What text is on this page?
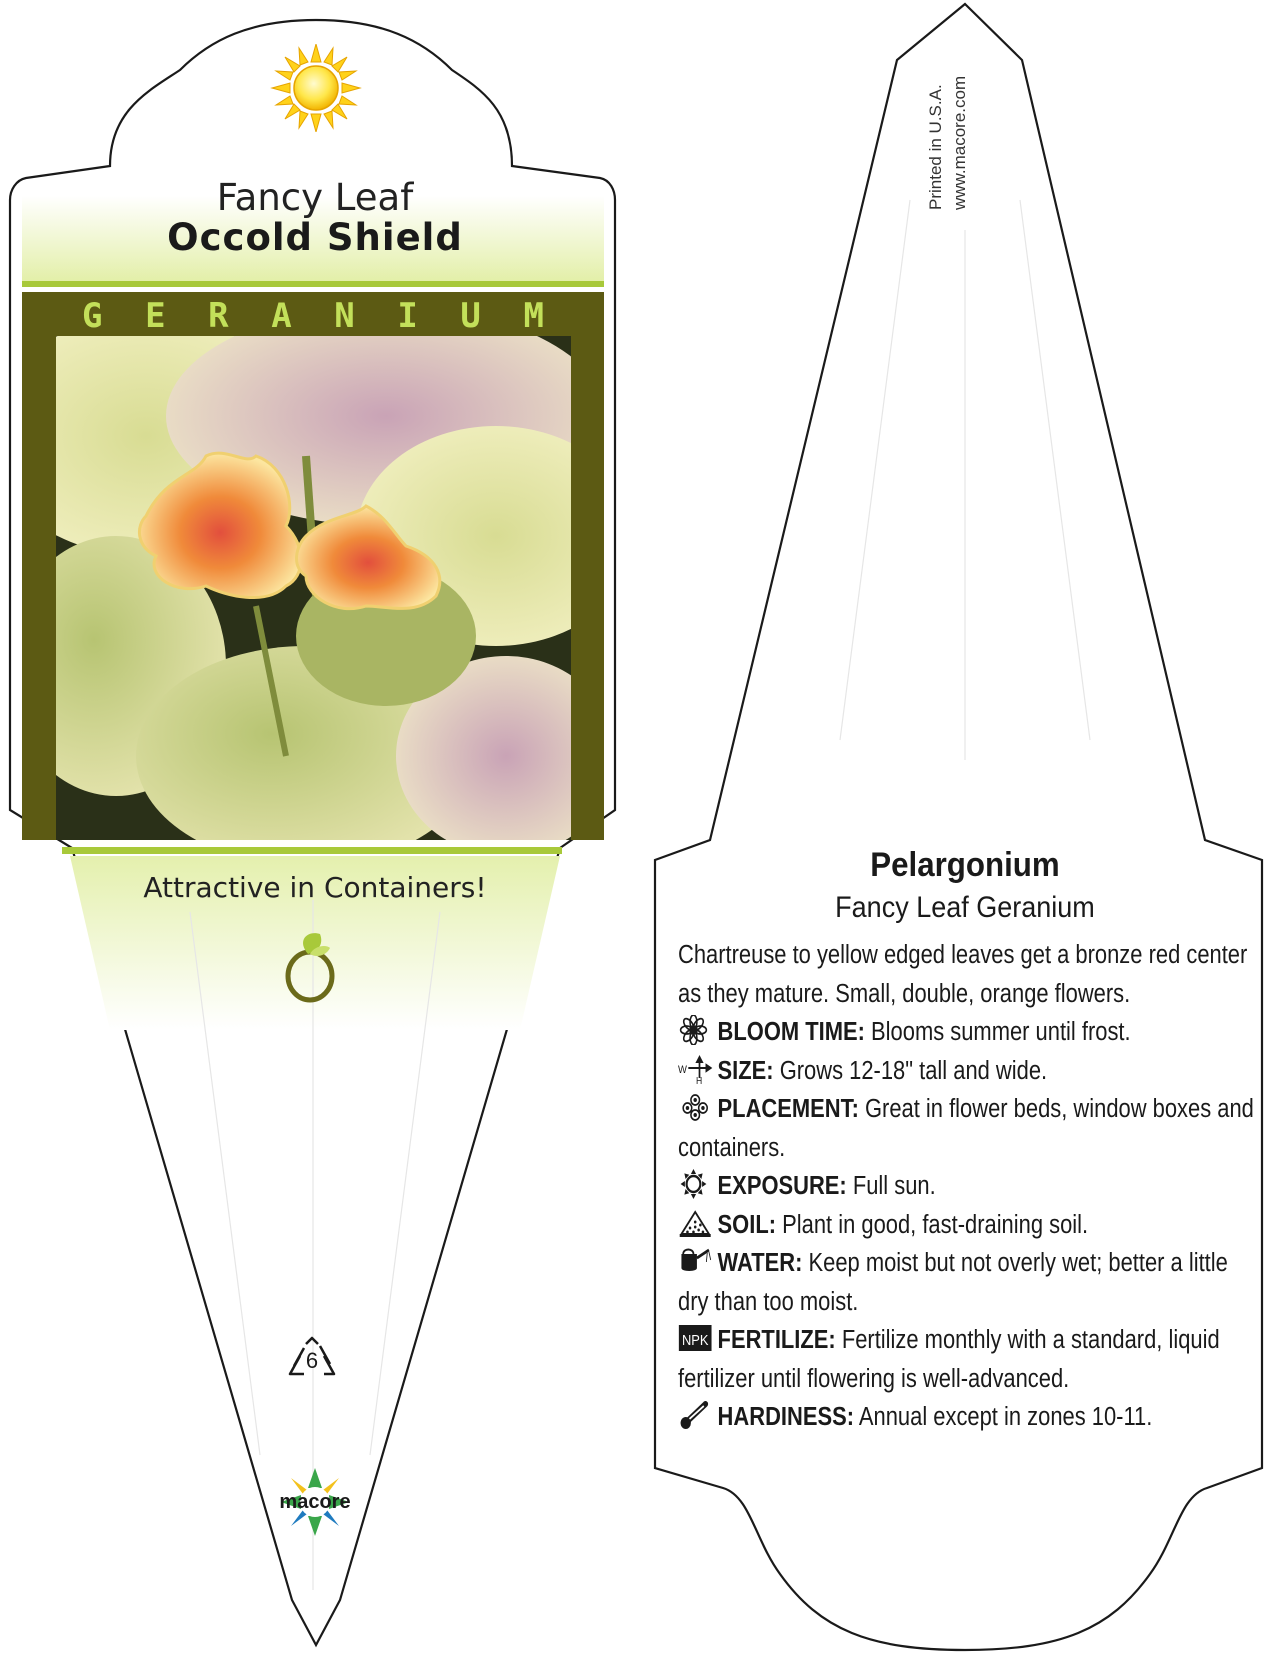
Fancy Leaf
Occold Shield
G E R A N I U M
Attractive in Containers!
6
macore
Printed in U.S.A. www.macore.com
Pelargonium
Fancy Leaf Geranium

Chartreuse to yellow edged leaves get a bronze red center as they mature. Small, double, orange flowers.

BLOOM TIME: Blooms summer until frost.
W
H SIZE: Grows 12-18" tall and wide.
PLACEMENT: Great in flower beds, window boxes and containers.
EXPOSURE: Full sun.
SOIL: Plant in good, fast-draining soil.
WATER: Keep moist but not overly wet; better a little dry than too moist.
NPK FERTILIZE: Fertilize monthly with a standard, liquid fertilizer until flowering is well-advanced.
HARDINESS: Annual except in zones 10-11.
